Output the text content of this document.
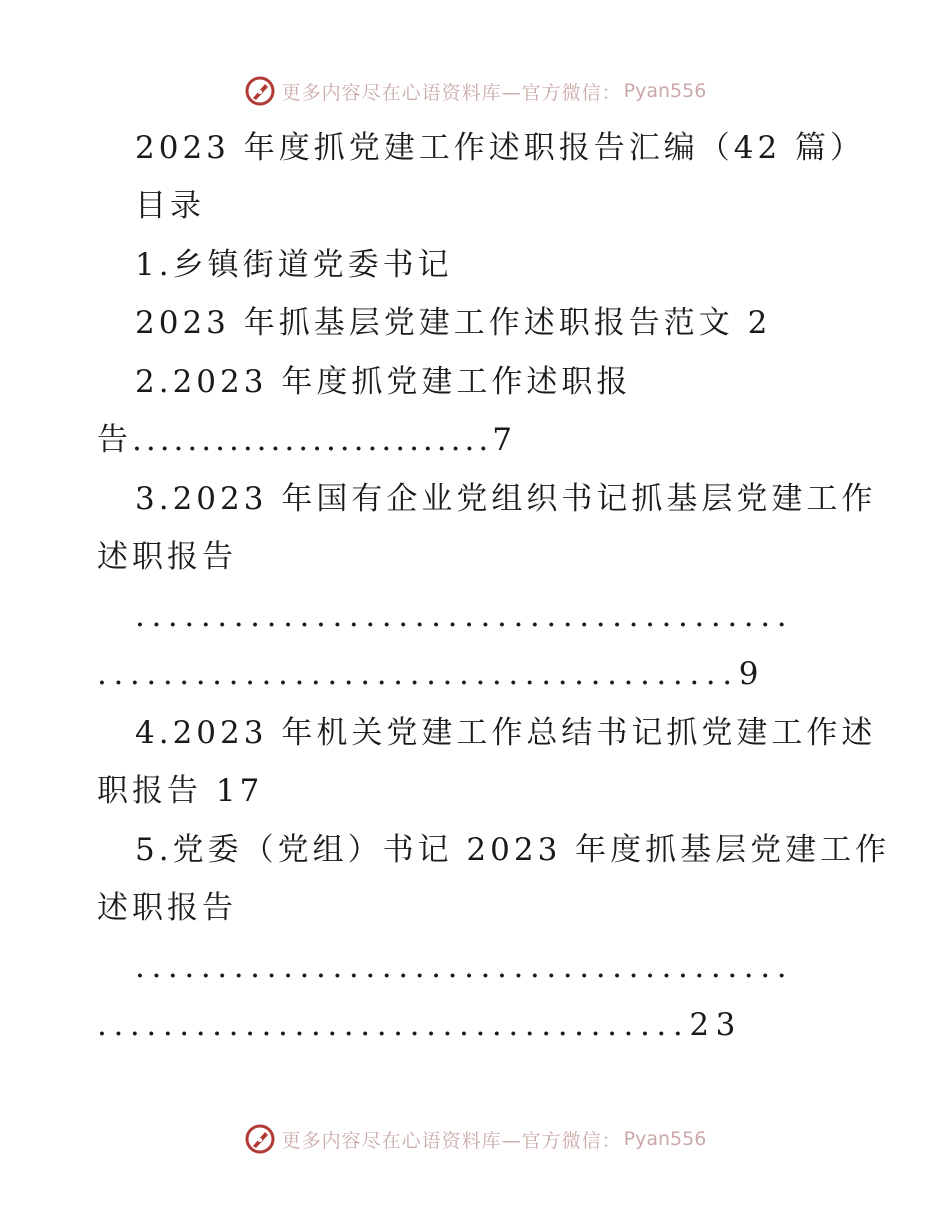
更多内容尽在心语资料库—官方微信： Pyan556
2023 年度抓党建工作述职报告汇编（42 篇）
目录
1.乡镇街道党委书记
2023 年抓基层党建工作述职报告范文 2
2.2023 年度抓党建工作述职报
告..........................7
3.2023 年国有企业党组织书记抓基层党建工作
述职报告
........................................
.......................................9
4.2023 年机关党建工作总结书记抓党建工作述
职报告 17
5.党委（党组）书记 2023 年度抓基层党建工作
述职报告
........................................
....................................23
更多内容尽在心语资料库—官方微信： Pyan556
